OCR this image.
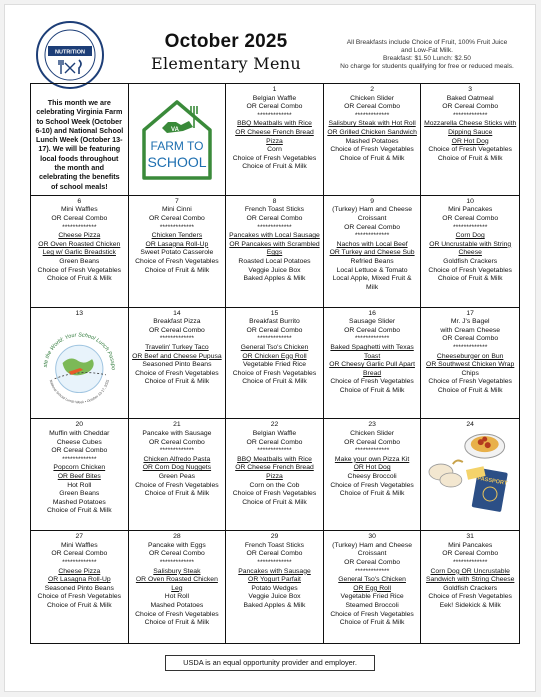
NUTRITION
October 2025
Elementary Menu
All Breakfasts include Choice of Fruit, 100% Fruit Juice
and Low-Fat Milk.
Breakfast: $1.50 Lunch: $2.50
No charge for students qualifying for free or reduced meals.
This month we are celebrating Virginia Farm to School Week (October 6-10) and National School Lunch Week (October 13-17). We will be featuring local foods throughout the month and celebrating the benefits of school meals!
VA
FARM TO
SCHOOL
1
Belgian Waffle
OR Cereal Combo
*************
BBQ Meatballs with Rice
OR Cheese French Bread Pizza
Corn
Choice of Fresh Vegetables
Choice of Fruit & Milk
2
Chicken Slider
OR Cereal Combo
*************
Salisbury Steak with Hot Roll
OR Grilled Chicken Sandwich
Mashed Potatoes
Choice of Fresh Vegetables
Choice of Fruit & Milk
3
Baked Oatmeal
OR Cereal Combo
*************
Mozzarella Cheese Sticks with Dipping Sauce
OR Hot Dog
Choice of Fresh Vegetables
Choice of Fruit & Milk
6
Mini Waffles
OR Cereal Combo
*************
Cheese Pizza
OR Oven Roasted Chicken Leg w/ Garlic Breadstick
Green Beans
Choice of Fresh Vegetables
Choice of Fruit & Milk
7
Mini Cinni
OR Cereal Combo
*************
Chicken Tenders
OR Lasagna Roll-Up
Sweet Potato Casserole
Choice of Fresh Vegetables
Choice of Fruit & Milk
8
French Toast Sticks
OR Cereal Combo
*************
Pancakes with Local Sausage
OR Pancakes with Scrambled Eggs
Roasted Local Potatoes
Veggie Juice Box
Baked Apples & Milk
9
(Turkey) Ham and Cheese Croissant
OR Cereal Combo
*************
Nachos with Local Beef
OR Turkey and Cheese Sub
Refried Beans
Local Lettuce & Tomato
Local Apple, Mixed Fruit & Milk
10
Mini Pancakes
OR Cereal Combo
*************
Corn Dog
OR Uncrustable with String Cheese
Goldfish Crackers
Choice of Fresh Vegetables
Choice of Fruit & Milk
13
ste the World: Your School Lunch Passpo
National School Lunch Week • October 13-17, 2025
14
Breakfast Pizza
OR Cereal Combo
*************
Travelin' Turkey Taco
OR Beef and Cheese Pupusa
Seasoned Pinto Beans
Choice of Fresh Vegetables
Choice of Fruit & Milk
15
Breakfast Burrito
OR Cereal Combo
*************
General Tso's Chicken
OR Chicken Egg Roll
Vegetable Fried Rice
Choice of Fresh Vegetables
Choice of Fruit & Milk
16
Sausage Slider
OR Cereal Combo
*************
Baked Spaghetti with Texas Toast
OR Cheesy Garlic Pull Apart Bread
Choice of Fresh Vegetables
Choice of Fruit & Milk
17
Mr. J's Bagel
with Cream Cheese
OR Cereal Combo
*************
Cheeseburger on Bun
OR Southwest Chicken Wrap
Chips
Choice of Fresh Vegetables
Choice of Fruit & Milk
20
Muffin with Cheddar
Cheese Cubes
OR Cereal Combo
*************
Popcorn Chicken
OR Beef Bites
Hot Roll
Green Beans
Mashed Potatoes
Choice of Fruit & Milk
21
Pancake with Sausage
OR Cereal Combo
*************
Chicken Alfredo Pasta
OR Corn Dog Nuggets
Green Peas
Choice of Fresh Vegetables
Choice of Fruit & Milk
22
Belgian Waffle
OR Cereal Combo
*************
BBQ Meatballs with Rice
OR Cheese French Bread Pizza
Corn on the Cob
Choice of Fresh Vegetables
Choice of Fruit & Milk
23
Chicken Slider
OR Cereal Combo
*************
Make your own Pizza Kit
OR Hot Dog
Cheesy Broccoli
Choice of Fresh Vegetables
Choice of Fruit & Milk
24
PASSPORT
27
Mini Waffles
OR Cereal Combo
*************
Cheese Pizza
OR Lasagna Roll-Up
Seasoned Pinto Beans
Choice of Fresh Vegetables
Choice of Fruit & Milk
28
Pancake with Eggs
OR Cereal Combo
*************
Salisbury Steak
OR Oven Roasted Chicken Leg
Hot Roll
Mashed Potatoes
Choice of Fresh Vegetables
Choice of Fruit & Milk
29
French Toast Sticks
OR Cereal Combo
*************
Pancakes with Sausage
OR Yogurt Parfait
Potato Wedges
Veggie Juice Box
Baked Apples & Milk
30
(Turkey) Ham and Cheese Croissant
OR Cereal Combo
*************
General Tso's Chicken
OR Egg Roll
Vegetable Fried Rice
Steamed Broccoli
Choice of Fresh Vegetables
Choice of Fruit & Milk
31
Mini Pancakes
OR Cereal Combo
*************
Corn Dog OR Uncrustable Sandwich with String Cheese
Goldfish Crackers
Choice of Fresh Vegetables
Eek! Sidekick & Milk
USDA is an equal opportunity provider and employer.
